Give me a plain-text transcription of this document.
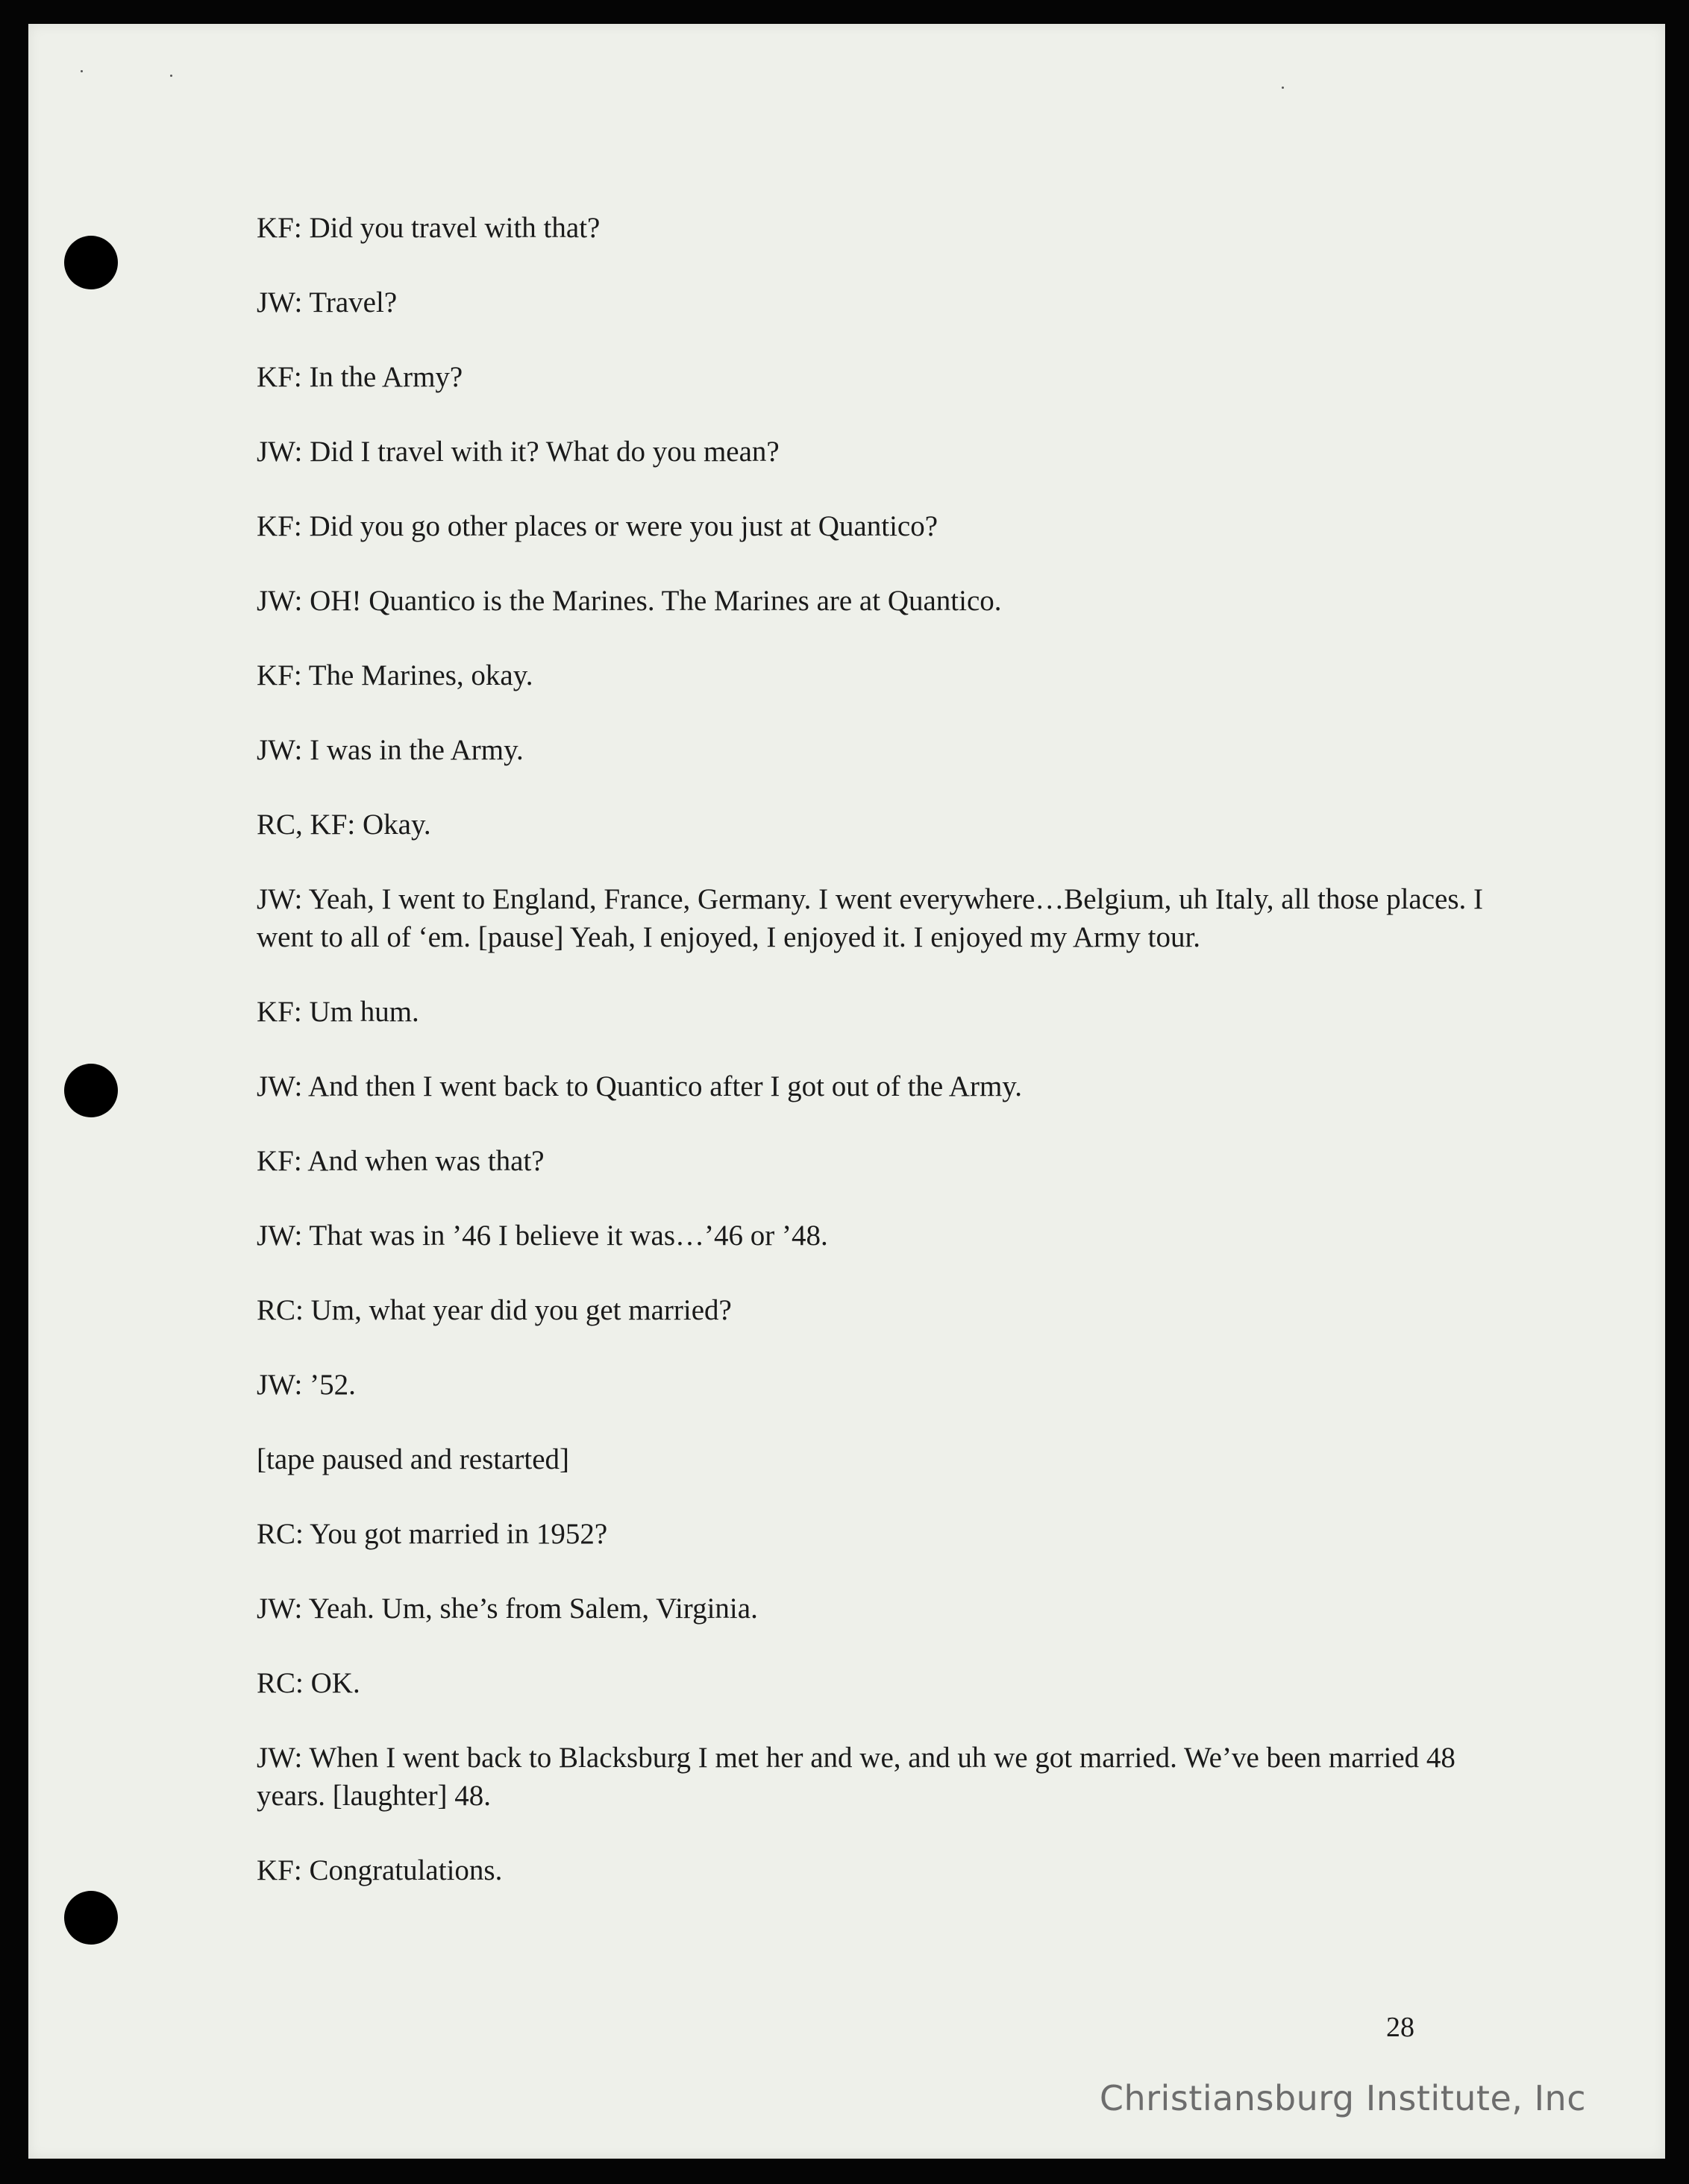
KF: Did you travel with that?

JW: Travel?

KF: In the Army?

JW: Did I travel with it? What do you mean?

KF: Did you go other places or were you just at Quantico?

JW: OH! Quantico is the Marines. The Marines are at Quantico.

KF: The Marines, okay.

JW: I was in the Army.

RC, KF: Okay.

JW: Yeah, I went to England, France, Germany. I went everywhere…Belgium, uh Italy, all those places. I went to all of ‘em. [pause] Yeah, I enjoyed, I enjoyed it. I enjoyed my Army tour.

KF: Um hum.

JW: And then I went back to Quantico after I got out of the Army.

KF: And when was that?

JW: That was in ’46 I believe it was…’46 or ’48.

RC: Um, what year did you get married?

JW: ’52.

[tape paused and restarted]

RC: You got married in 1952?

JW: Yeah. Um, she’s from Salem, Virginia.

RC: OK.

JW: When I went back to Blacksburg I met her and we, and uh we got married. We’ve been married 48 years. [laughter] 48.

KF: Congratulations.

28
Christiansburg Institute, Inc
